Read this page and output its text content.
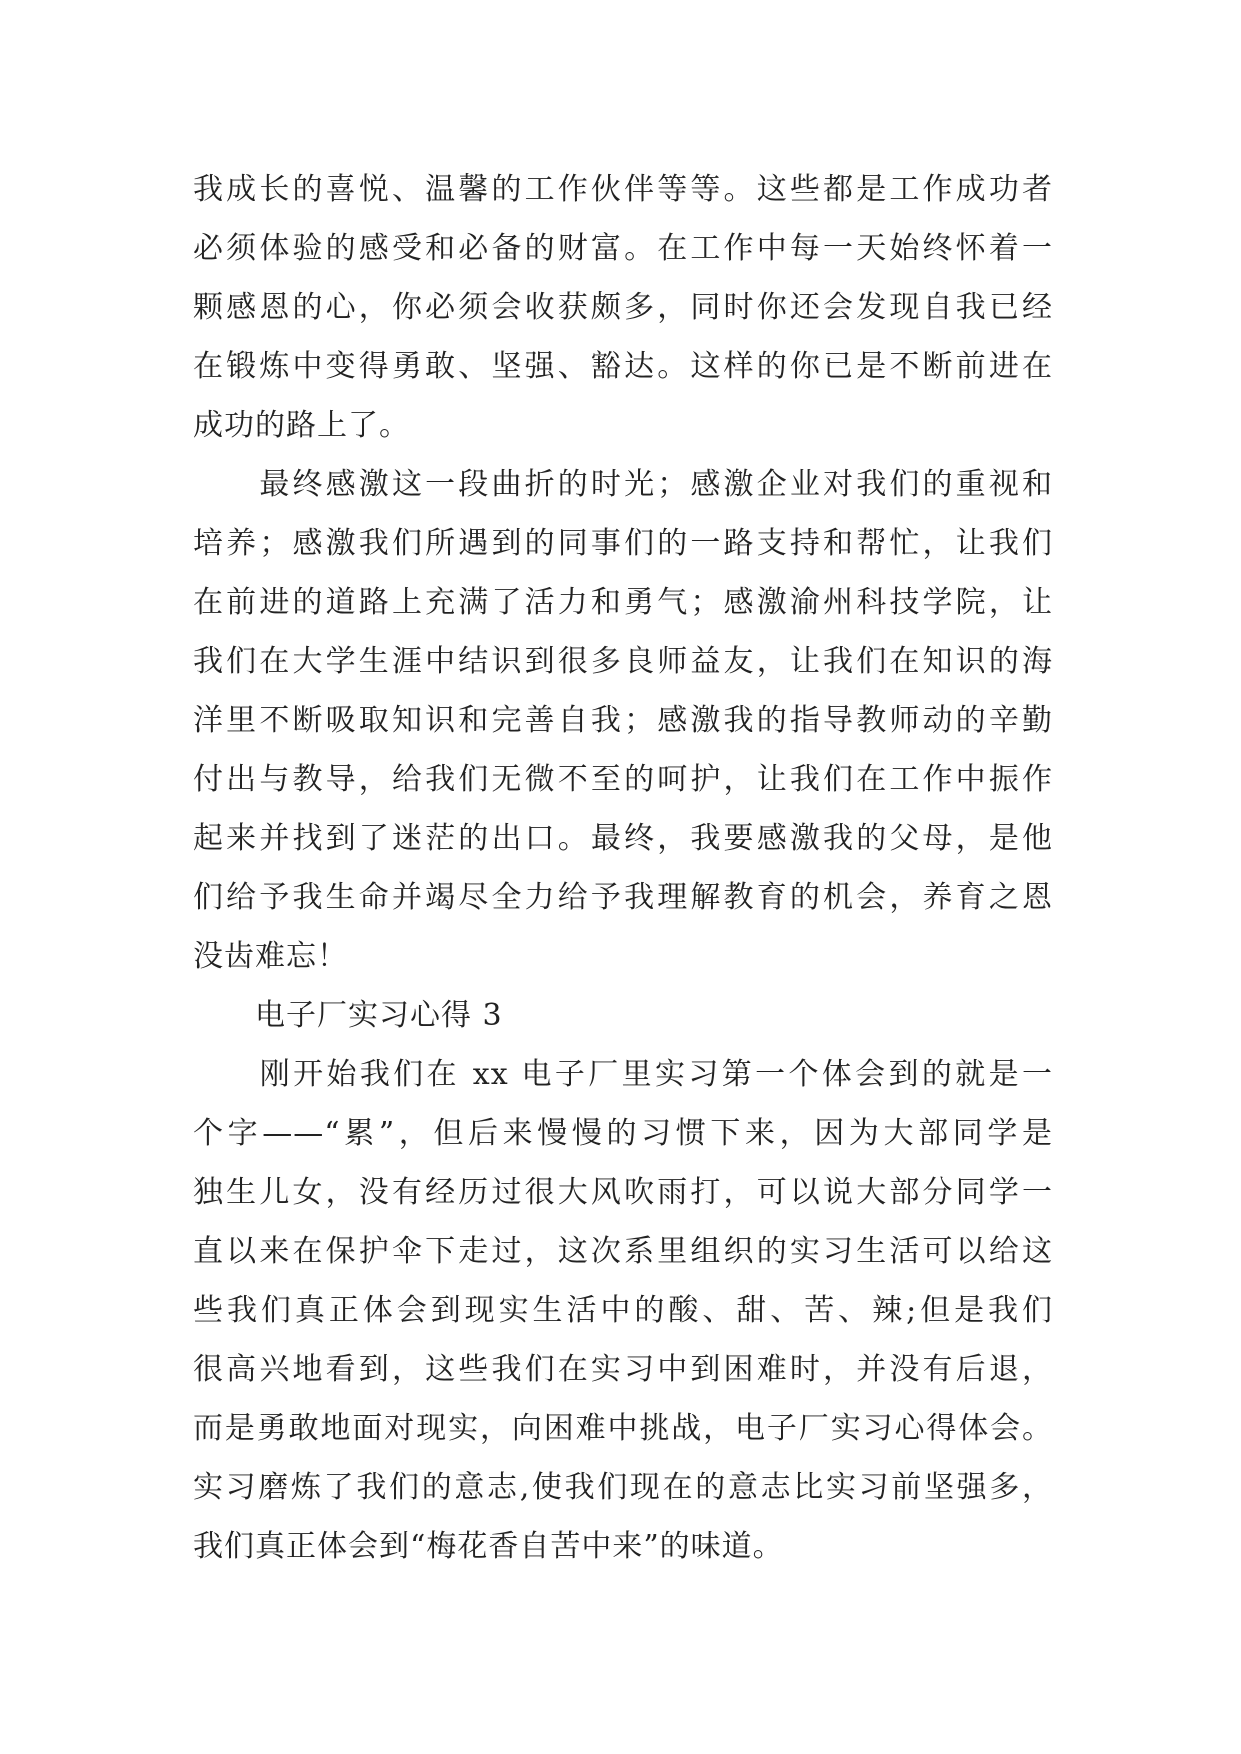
我成长的喜悦、温馨的工作伙伴等等。这些都是工作成功者
必须体验的感受和必备的财富。在工作中每一天始终怀着一
颗感恩的心，你必须会收获颇多，同时你还会发现自我已经
在锻炼中变得勇敢、坚强、豁达。这样的你已是不断前进在
成功的路上了。
　　最终感激这一段曲折的时光；感激企业对我们的重视和
培养；感激我们所遇到的同事们的一路支持和帮忙，让我们
在前进的道路上充满了活力和勇气；感激渝州科技学院，让
我们在大学生涯中结识到很多良师益友，让我们在知识的海
洋里不断吸取知识和完善自我；感激我的指导教师动的辛勤
付出与教导，给我们无微不至的呵护，让我们在工作中振作
起来并找到了迷茫的出口。最终，我要感激我的父母，是他
们给予我生命并竭尽全力给予我理解教育的机会，养育之恩
没齿难忘！
　　电子厂实习心得 3
　　刚开始我们在 xx 电子厂里实习第一个体会到的就是一
个字——“累”，但后来慢慢的习惯下来，因为大部同学是
独生儿女，没有经历过很大风吹雨打，可以说大部分同学一
直以来在保护伞下走过，这次系里组织的实习生活可以给这
些我们真正体会到现实生活中的酸、甜、苦、辣;但是我们
很高兴地看到，这些我们在实习中到困难时，并没有后退，
而是勇敢地面对现实，向困难中挑战，电子厂实习心得体会。
实习磨炼了我们的意志,使我们现在的意志比实习前坚强多，
我们真正体会到“梅花香自苦中来”的味道。
